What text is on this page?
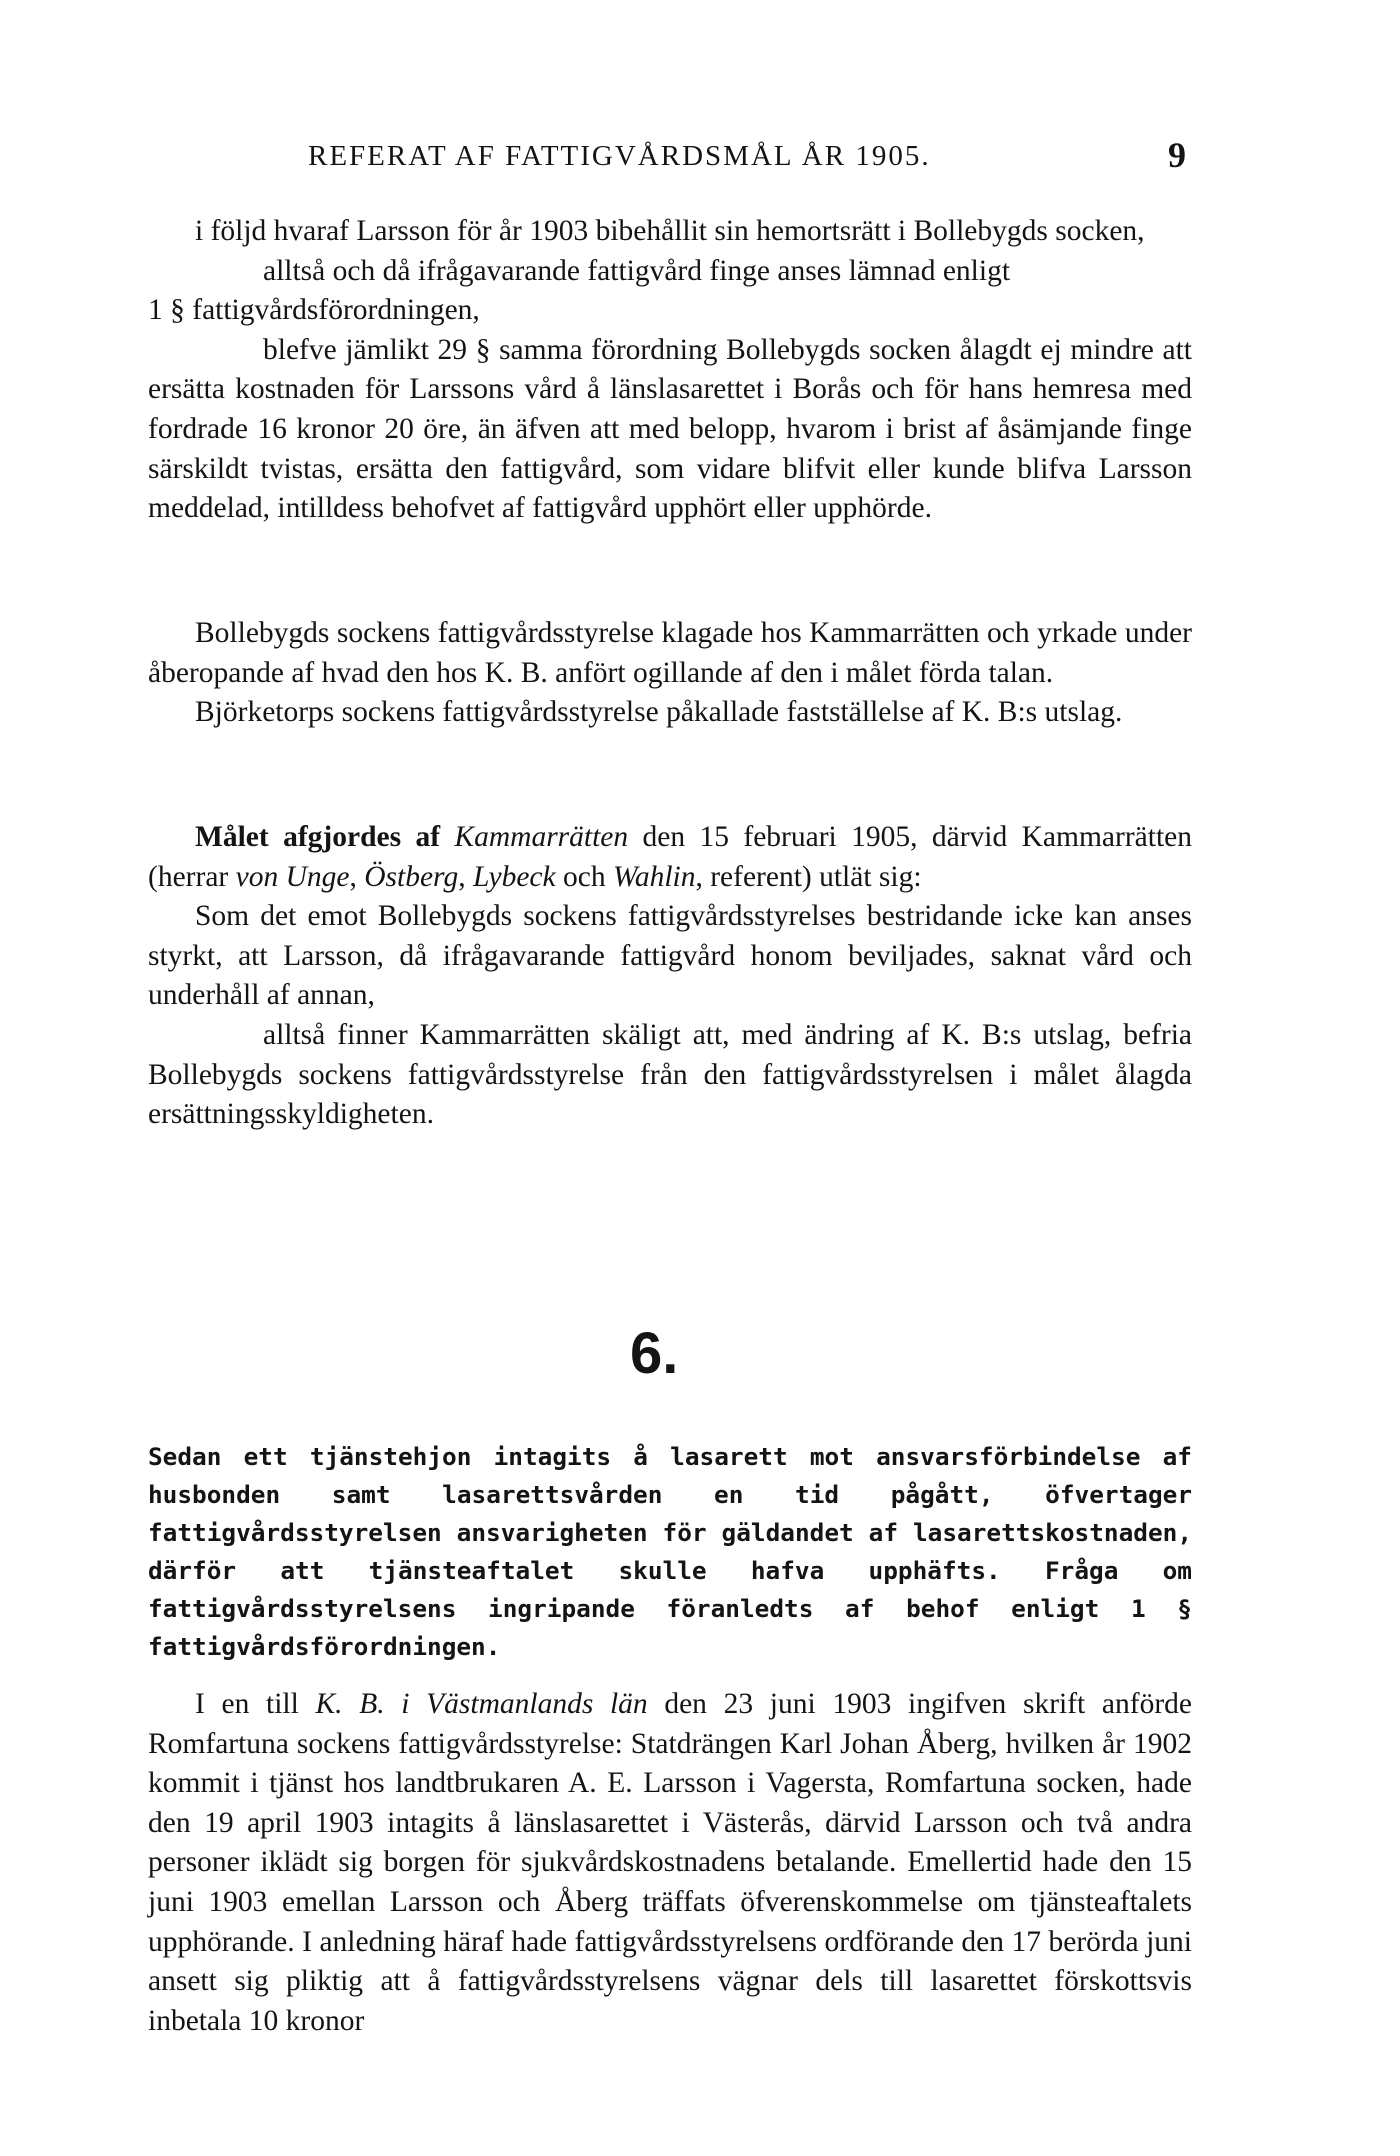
REFERAT AF FATTIGVÅRDSMÅL ÅR 1905.	9

i följd hvaraf Larsson för år 1903 bibehållit sin hemortsrätt i Bollebygds socken,

alltså och då ifrågavarande fattigvård finge anses lämnad enligt

1 § fattigvårdsförordningen,

blefve jämlikt 29 § samma förordning Bollebygds socken ålagdt ej mindre att ersätta kostnaden för Larssons vård å länslasarettet i Borås och för hans hemresa med fordrade 16 kronor 20 öre, än äfven att med belopp, hvarom i brist af åsämjande finge särskildt tvistas, ersätta den fattigvård, som vidare blifvit eller kunde blifva Larsson meddelad, intilldess behofvet af fattigvård upphört eller upphörde.

Bollebygds sockens fattigvårdsstyrelse klagade hos Kammarrätten och yrkade under åberopande af hvad den hos K. B. anfört ogillande af den i målet förda talan.

Björketorps sockens fattigvårdsstyrelse påkallade fastställelse af K. B:s utslag.

Målet afgjordes af Kammarrätten den 15 februari 1905, därvid Kammarrätten (herrar von Unge, Östberg, Lybeck och Wahlin, referent) utlät sig:

Som det emot Bollebygds sockens fattigvårdsstyrelses bestridande icke kan anses styrkt, att Larsson, då ifrågavarande fattigvård honom beviljades, saknat vård och underhåll af annan,

alltså finner Kammarrätten skäligt att, med ändring af K. B:s utslag, befria Bollebygds sockens fattigvårdsstyrelse från den fattigvårdsstyrelsen i målet ålagda ersättningsskyldigheten.

6.
Sedan ett tjänstehjon intagits å lasarett mot ansvarsförbindelse af husbonden samt lasarettsvården en tid pågått, öfvertager fattigvårdsstyrelsen ansvarigheten för gäldandet af lasarettskostnaden, därför att tjänsteaftalet skulle hafva upphäfts. Fråga om fattigvårdsstyrelsens ingripande föranledts af behof enligt 1 § fattigvårdsförordningen.

I en till K. B. i Västmanlands län den 23 juni 1903 ingifven skrift anförde Romfartuna sockens fattigvårdsstyrelse: Statdrängen Karl Johan Åberg, hvilken år 1902 kommit i tjänst hos landtbrukaren A. E. Larsson i Vagersta, Romfartuna socken, hade den 19 april 1903 intagits å länslasarettet i Västerås, därvid Larsson och två andra personer iklädt sig borgen för sjukvårdskostnadens betalande. Emellertid hade den 15 juni 1903 emellan Larsson och Åberg träffats öfverenskommelse om tjänsteaftalets upphörande. I anledning häraf hade fattigvårdsstyrelsens ordförande den 17 berörda juni ansett sig pliktig att å fattigvårdsstyrelsens vägnar dels till lasarettet förskottsvis inbetala 10 kronor
